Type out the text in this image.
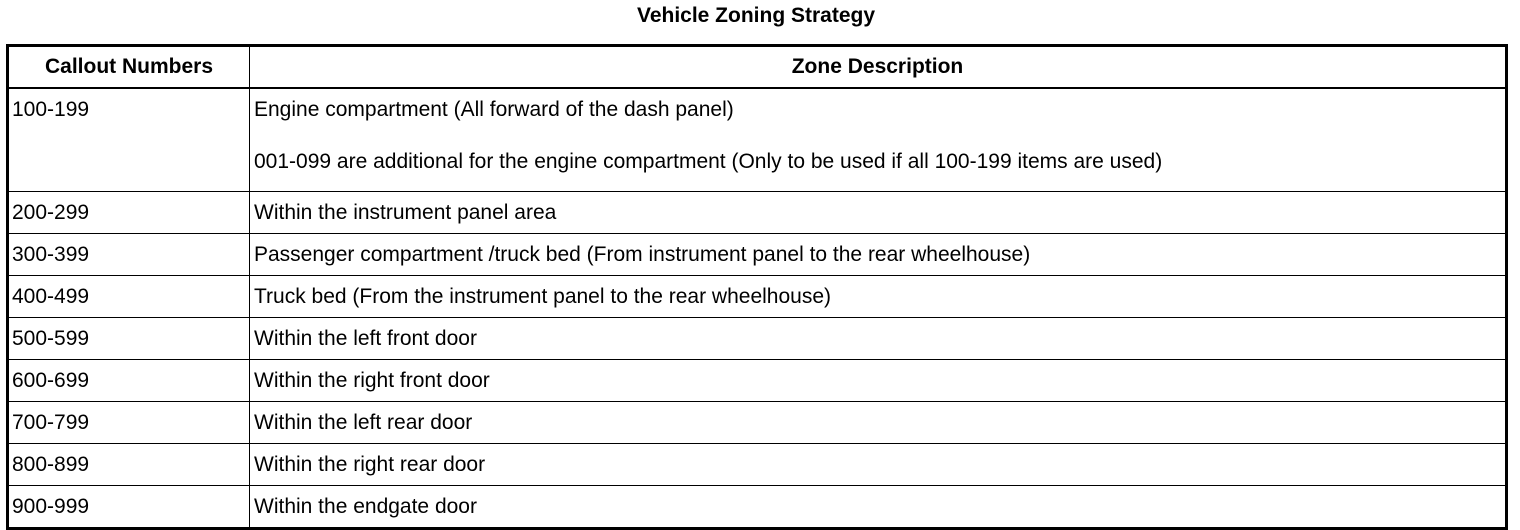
Vehicle Zoning Strategy
Callout Numbers	Zone Description
100-199	Engine compartment (All forward of the dash panel)
001-099 are additional for the engine compartment (Only to be used if all 100-199 items are used)

200-299	Within the instrument panel area
300-399	Passenger compartment /truck bed (From instrument panel to the rear wheelhouse)
400-499	Truck bed (From the instrument panel to the rear wheelhouse)
500-599	Within the left front door
600-699	Within the right front door
700-799	Within the left rear door
800-899	Within the right rear door
900-999	Within the endgate door
